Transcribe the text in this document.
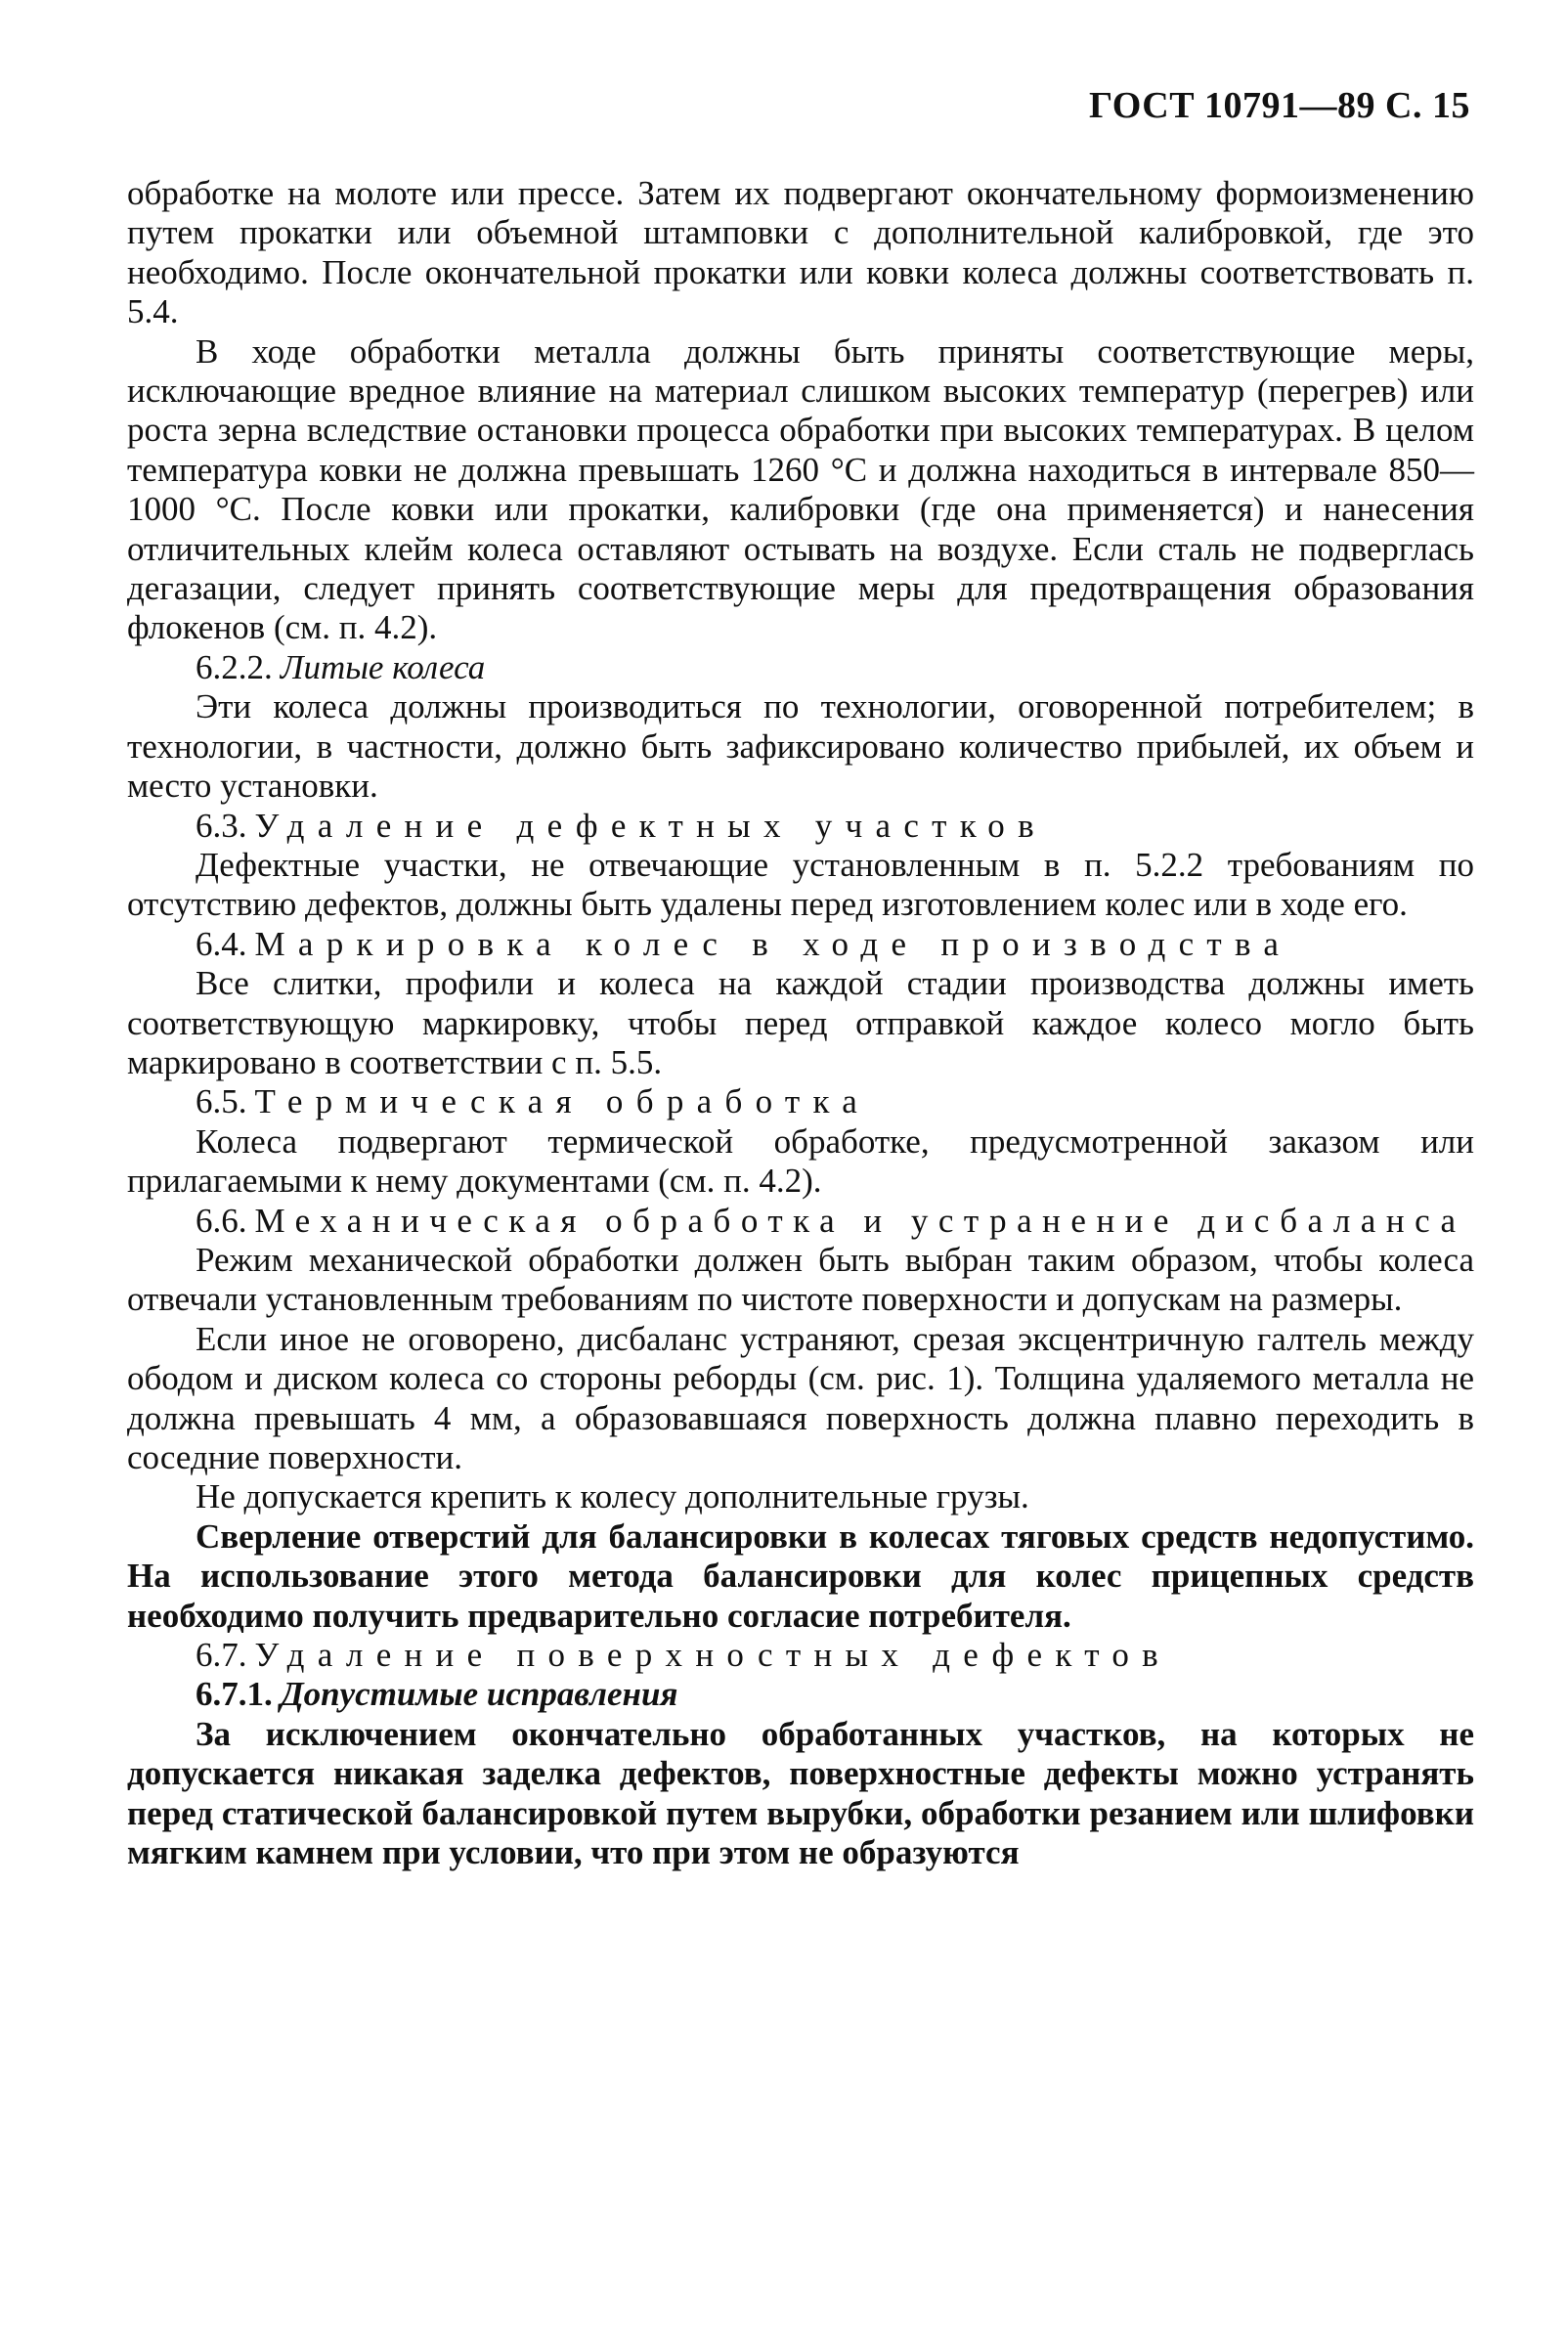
ГОСТ 10791—89 С. 15

обработке на молоте или прессе. Затем их подвергают окончательному формоизменению путем прокатки или объемной штамповки с дополнительной калибровкой, где это необходимо. После окончательной прокатки или ковки колеса должны соответствовать п. 5.4.

В ходе обработки металла должны быть приняты соответствующие меры, исключающие вредное влияние на материал слишком высоких температур (перегрев) или роста зерна вследствие остановки процесса обработки при высоких температурах. В целом температура ковки не должна превышать 1260 °С и должна находиться в интервале 850—1000 °С. После ковки или прокатки, калибровки (где она применяется) и нанесения отличительных клейм колеса оставляют остывать на воздухе. Если сталь не подверглась дегазации, следует принять соответствующие меры для предотвращения образования флокенов (см. п. 4.2).

6.2.2. Литые колеса

Эти колеса должны производиться по технологии, оговоренной потребителем; в технологии, в частности, должно быть зафиксировано количество прибылей, их объем и место установки.

6.3. Удаление дефектных участков

Дефектные участки, не отвечающие установленным в п. 5.2.2 требованиям по отсутствию дефектов, должны быть удалены перед изготовлением колес или в ходе его.

6.4. Маркировка колес в ходе производства

Все слитки, профили и колеса на каждой стадии производства должны иметь соответствующую маркировку, чтобы перед отправкой каждое колесо могло быть маркировано в соответствии с п. 5.5.

6.5. Термическая обработка

Колеса подвергают термической обработке, предусмотренной заказом или прилагаемыми к нему документами (см. п. 4.2).

6.6. Механическая обработка и устранение дисбаланса

Режим механической обработки должен быть выбран таким образом, чтобы колеса отвечали установленным требованиям по чистоте поверхности и допускам на размеры.

Если иное не оговорено, дисбаланс устраняют, срезая эксцентричную галтель между ободом и диском колеса со стороны реборды (см. рис. 1). Толщина удаляемого металла не должна превышать 4 мм, а образовавшаяся поверхность должна плавно переходить в соседние поверхности.

Не допускается крепить к колесу дополнительные грузы.

Сверление отверстий для балансировки в колесах тяговых средств недопустимо. На использование этого метода балансировки для колес прицепных средств необходимо получить предварительно согласие потребителя.

6.7. Удаление поверхностных дефектов
6.7.1. Допустимые исправления

За исключением окончательно обработанных участков, на которых не допускается никакая заделка дефектов, поверхностные дефекты можно устранять перед статической балансировкой путем вырубки, обработки резанием или шлифовки мягким камнем при условии, что при этом не образуются
